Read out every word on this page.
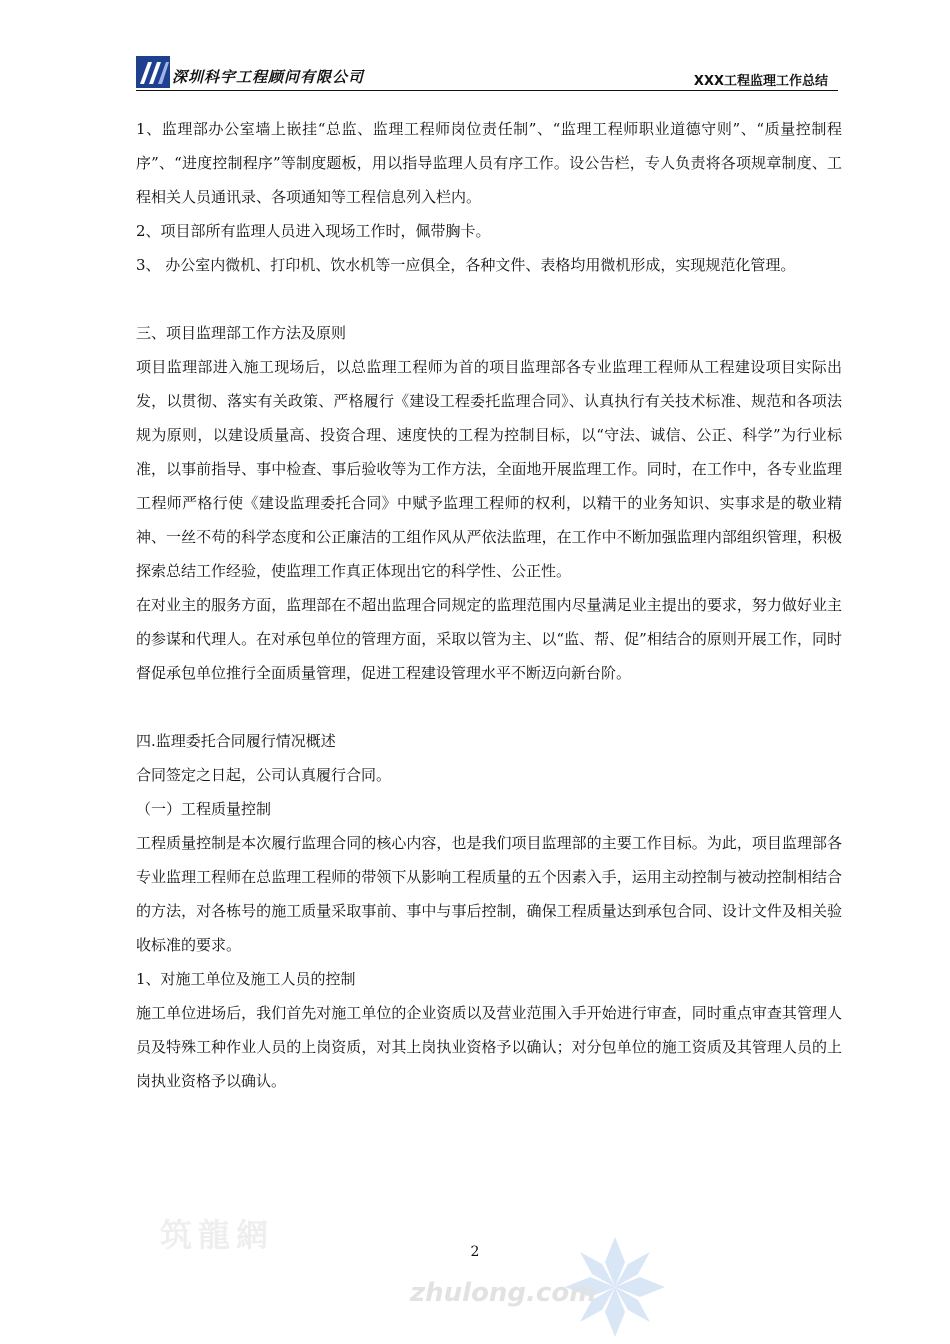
深圳科宇工程顾问有限公司	XXX工程监理工作总结

1、监理部办公室墙上嵌挂“总监、监理工程师岗位责任制”、“监理工程师职业道德守则”、“质量控制程序”、“进度控制程序”等制度题板，用以指导监理人员有序工作。设公告栏，专人负责将各项规章制度、工程相关人员通讯录、各项通知等工程信息列入栏内。

2、项目部所有监理人员进入现场工作时，佩带胸卡。

3、 办公室内微机、打印机、饮水机等一应俱全，各种文件、表格均用微机形成，实现规范化管理。

三、项目监理部工作方法及原则

项目监理部进入施工现场后，以总监理工程师为首的项目监理部各专业监理工程师从工程建设项目实际出发，以贯彻、落实有关政策、严格履行《建设工程委托监理合同》、认真执行有关技术标准、规范和各项法规为原则，以建设质量高、投资合理、速度快的工程为控制目标，以“守法、诚信、公正、科学”为行业标准，以事前指导、事中检查、事后验收等为工作方法，全面地开展监理工作。同时，在工作中，各专业监理工程师严格行使《建设监理委托合同》中赋予监理工程师的权利，以精干的业务知识、实事求是的敬业精神、一丝不苟的科学态度和公正廉洁的工组作风从严依法监理，在工作中不断加强监理内部组织管理，积极探索总结工作经验，使监理工作真正体现出它的科学性、公正性。

在对业主的服务方面，监理部在不超出监理合同规定的监理范围内尽量满足业主提出的要求，努力做好业主的参谋和代理人。在对承包单位的管理方面，采取以管为主、以“监、帮、促”相结合的原则开展工作，同时督促承包单位推行全面质量管理，促进工程建设管理水平不断迈向新台阶。

四.监理委托合同履行情况概述

合同签定之日起，公司认真履行合同。

（一）工程质量控制

工程质量控制是本次履行监理合同的核心内容，也是我们项目监理部的主要工作目标。为此，项目监理部各专业监理工程师在总监理工程师的带领下从影响工程质量的五个因素入手，运用主动控制与被动控制相结合的方法，对各栋号的施工质量采取事前、事中与事后控制，确保工程质量达到承包合同、设计文件及相关验收标准的要求。

1、对施工单位及施工人员的控制

施工单位进场后，我们首先对施工单位的企业资质以及营业范围入手开始进行审查，同时重点审查其管理人员及特殊工种作业人员的上岗资质，对其上岗执业资格予以确认；对分包单位的施工资质及其管理人员的上岗执业资格予以确认。

筑龍網
zhulong.com
2
